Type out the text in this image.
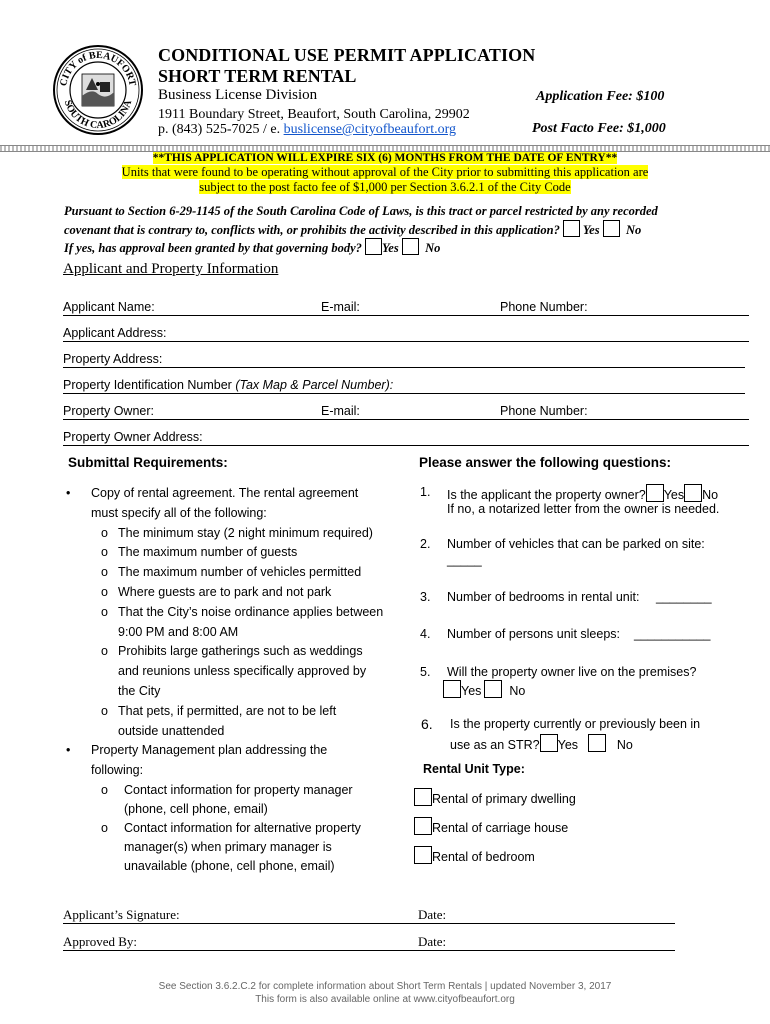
CITY of BEAUFORT
SOUTH CAROLINA
CONDITIONAL USE PERMIT APPLICATION
SHORT TERM RENTAL
Business License Division
1911 Boundary Street, Beaufort, South Carolina, 29902
p. (843) 525-7025 / e. buslicense@cityofbeaufort.org
Application Fee: $100
Post Facto Fee: $1,000
**THIS APPLICATION WILL EXPIRE SIX (6) MONTHS FROM THE DATE OF ENTRY**
Units that were found to be operating without approval of the City prior to submitting this application are
subject to the post facto fee of $1,000 per Section 3.6.2.1 of the City Code
Pursuant to Section 6-29-1145 of the South Carolina Code of Laws, is this tract or parcel restricted by any recorded
covenant that is contrary to, conflicts with, or prohibits the activity described in this application? Yes No
If yes, has approval been granted by that governing body? Yes No
Applicant and Property Information
Applicant Name:	E-mail:	Phone Number:
Applicant Address:
Property Address:
Property Identification Number (Tax Map & Parcel Number):
Property Owner:	E-mail:	Phone Number:
Property Owner Address:
Submittal Requirements:
• Copy of rental agreement. The rental agreement
must specify all of the following:
o The minimum stay (2 night minimum required)
o The maximum number of guests
o The maximum number of vehicles permitted
o Where guests are to park and not park
o That the City’s noise ordinance applies between
9:00 PM and 8:00 AM
o Prohibits large gatherings such as weddings
and reunions unless specifically approved by
the City
o That pets, if permitted, are not to be left
outside unattended
• Property Management plan addressing the
following:
o Contact information for property manager
(phone, cell phone, email)
o Contact information for alternative property
manager(s) when primary manager is
unavailable (phone, cell phone, email)
Please answer the following questions:
1. Is the applicant the property owner? Yes No
If no, a notarized letter from the owner is needed.
2. Number of vehicles that can be parked on site:
_____
3. Number of bedrooms in rental unit: ________
4. Number of persons unit sleeps: ___________
5. Will the property owner live on the premises?
Yes No
6. Is the property currently or previously been in
use as an STR? Yes	No
Rental Unit Type:
Rental of primary dwelling
Rental of carriage house
Rental of bedroom
Applicant’s Signature:	Date:
Approved By:	Date:
See Section 3.6.2.C.2 for complete information about Short Term Rentals | updated November 3, 2017
This form is also available online at www.cityofbeaufort.org
